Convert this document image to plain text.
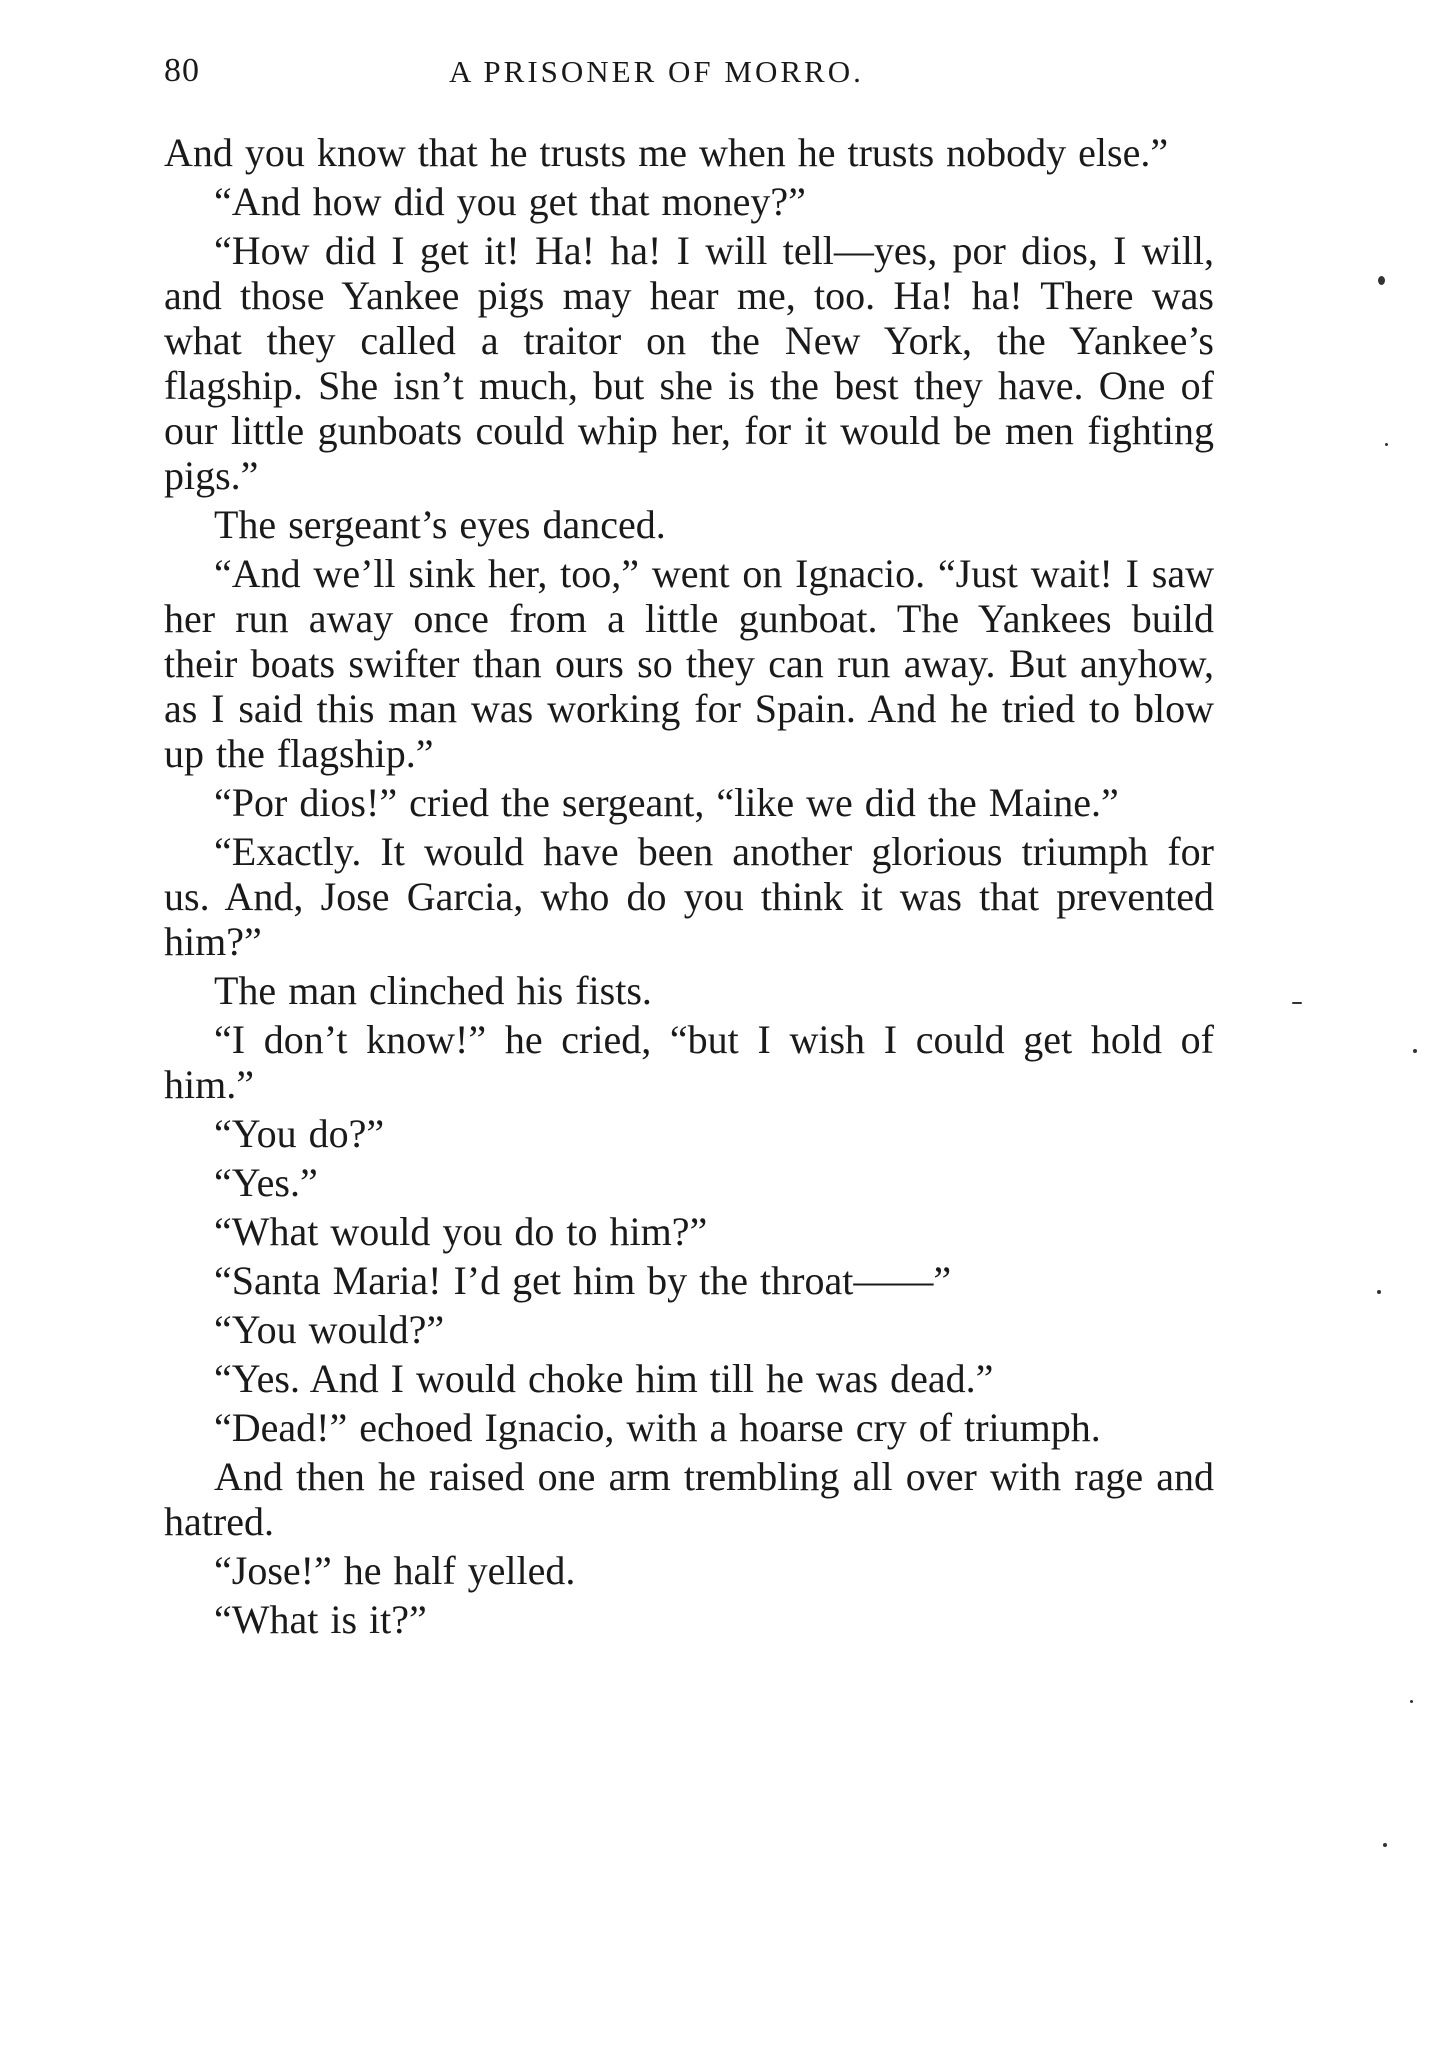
80	A PRISONER OF MORRO.

And you know that he trusts me when he trusts nobody else.”

“And how did you get that money?”

“How did I get it! Ha! ha! I will tell—yes, por dios, I will, and those Yankee pigs may hear me, too. Ha! ha! There was what they called a traitor on the New York, the Yankee’s flagship. She isn’t much, but she is the best they have. One of our little gunboats could whip her, for it would be men fighting pigs.”

The sergeant’s eyes danced.

“And we’ll sink her, too,” went on Ignacio. “Just wait! I saw her run away once from a little gunboat. The Yankees build their boats swifter than ours so they can run away. But anyhow, as I said this man was working for Spain. And he tried to blow up the flagship.”

“Por dios!” cried the sergeant, “like we did the Maine.”

“Exactly. It would have been another glorious triumph for us. And, Jose Garcia, who do you think it was that prevented him?”

The man clinched his fists.

“I don’t know!” he cried, “but I wish I could get hold of him.”

“You do?”

“Yes.”

“What would you do to him?”

“Santa Maria! I’d get him by the throat——”

“You would?”

“Yes. And I would choke him till he was dead.”

“Dead!” echoed Ignacio, with a hoarse cry of triumph.

And then he raised one arm trembling all over with rage and hatred.

“Jose!” he half yelled.

“What is it?”
